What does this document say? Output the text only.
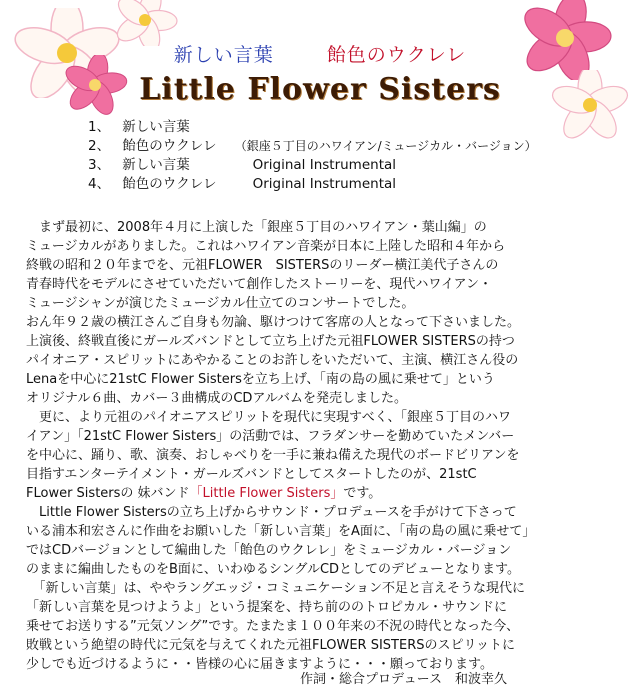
新しい言葉	飴色のウクレレ
Little Flower Sisters
1、 新しい言葉
2、 飴色のウクレレ （銀座５丁目のハワイアン/ミュージカル・バージョン）
3、 新しい言葉	Original Instrumental
4、 飴色のウクレレ	Original Instrumental

　まず最初に、2008年４月に上演した「銀座５丁目のハワイアン・葉山編」の

ミュージカルがありました。これはハワイアン音楽が日本に上陸した昭和４年から

終戦の昭和２０年までを、元祖FLOWER　SISTERSのリーダー横江美代子さんの

青春時代をモデルにさせていただいて創作したストーリーを、現代ハワイアン・

ミュージシャンが演じたミュージカル仕立てのコンサートでした。

おん年９２歳の横江さんご自身も勿論、駆けつけて客席の人となって下さいました。

上演後、終戦直後にガールズバンドとして立ち上げた元祖FLOWER SISTERSの持つ

パイオニア・スピリットにあやかることのお許しをいただいて、主演、横江さん役の

Lenaを中心に21stC Flower Sistersを立ち上げ、「南の島の風に乗せて」という

オリジナル６曲、カバー３曲構成のCDアルバムを発売しました。

　更に、より元祖のパイオニアスピリットを現代に実現すべく、「銀座５丁目のハワ

イアン」「21stC Flower Sisters」の活動では、フラダンサーを勤めていたメンバー

を中心に、踊り、歌、演奏、おしゃべりを一手に兼ね備えた現代のボードビリアンを

目指すエンターテイメント・ガールズバンドとしてスタートしたのが、21stC

FLower Sistersの 妹バンド「Little Flower Sisters」です。

　Little Flower Sistersの立ち上げからサウンド・プロデュースを手がけて下さって

いる浦本和宏さんに作曲をお願いした「新しい言葉」をA面に、「南の島の風に乗せて」

ではCDバージョンとして編曲した「飴色のウクレレ」をミュージカル・バージョン

のままに編曲したものをB面に、いわゆるシングルCDとしてのデビューとなります。

　「新しい言葉」は、ややラングエッジ・コミュニケーション不足と言えそうな現代に

「新しい言葉を見つけようよ」という提案を、持ち前ののトロピカル・サウンドに

乗せてお送りする”元気ソング”です。たまたま１００年来の不況の時代となった今、

敗戦という絶望の時代に元気を与えてくれた元祖FLOWER SISTERSのスピリットに

少しでも近づけるように・・皆様の心に届きますように・・・願っております。

作詞・総合プロデュース　和波幸久
